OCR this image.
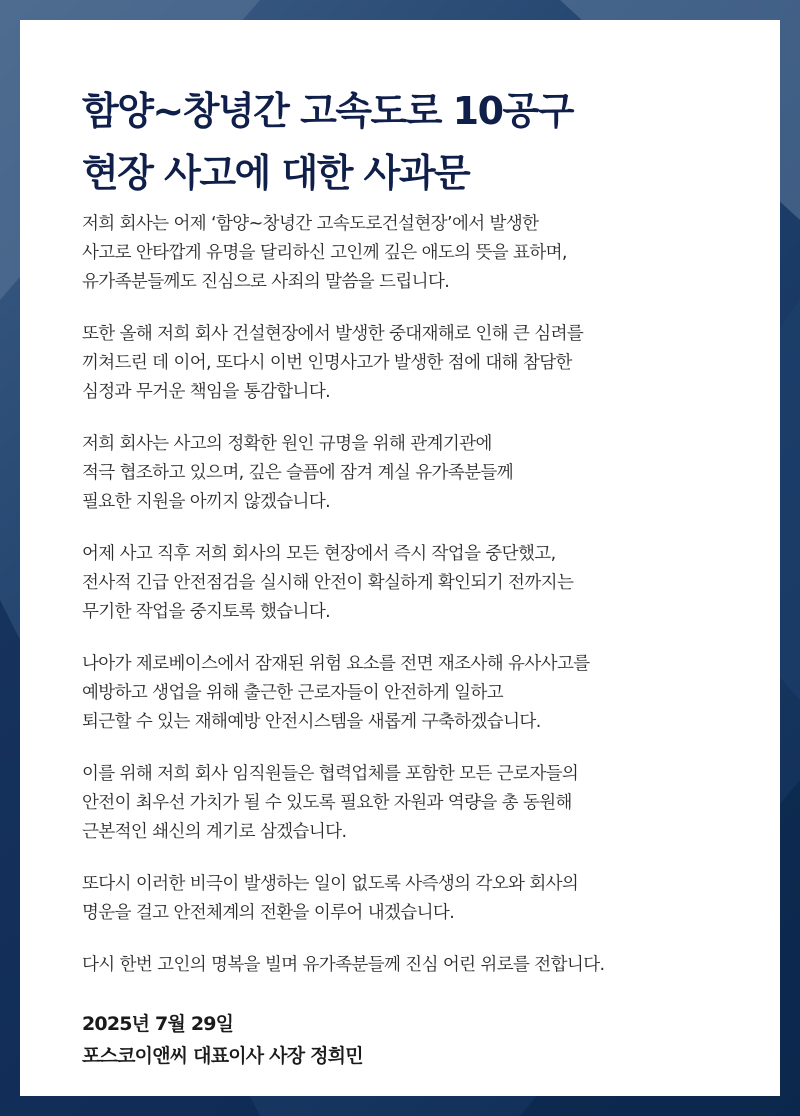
함양~창녕간 고속도로 10공구
현장 사고에 대한 사과문

저희 회사는 어제 ‘함양~창녕간 고속도로건설현장’에서 발생한
사고로 안타깝게 유명을 달리하신 고인께 깊은 애도의 뜻을 표하며,
유가족분들께도 진심으로 사죄의 말씀을 드립니다.

또한 올해 저희 회사 건설현장에서 발생한 중대재해로 인해 큰 심려를
끼쳐드린 데 이어, 또다시 이번 인명사고가 발생한 점에 대해 참담한
심정과 무거운 책임을 통감합니다.

저희 회사는 사고의 정확한 원인 규명을 위해 관계기관에
적극 협조하고 있으며, 깊은 슬픔에 잠겨 계실 유가족분들께
필요한 지원을 아끼지 않겠습니다.

어제 사고 직후 저희 회사의 모든 현장에서 즉시 작업을 중단했고,
전사적 긴급 안전점검을 실시해 안전이 확실하게 확인되기 전까지는
무기한 작업을 중지토록 했습니다.

나아가 제로베이스에서 잠재된 위험 요소를 전면 재조사해 유사사고를
예방하고 생업을 위해 출근한 근로자들이 안전하게 일하고
퇴근할 수 있는 재해예방 안전시스템을 새롭게 구축하겠습니다.

이를 위해 저희 회사 임직원들은 협력업체를 포함한 모든 근로자들의
안전이 최우선 가치가 될 수 있도록 필요한 자원과 역량을 총 동원해
근본적인 쇄신의 계기로 삼겠습니다.

또다시 이러한 비극이 발생하는 일이 없도록 사즉생의 각오와 회사의
명운을 걸고 안전체계의 전환을 이루어 내겠습니다.

다시 한번 고인의 명복을 빌며 유가족분들께 진심 어린 위로를 전합니다.

2025년 7월 29일

포스코이앤씨 대표이사 사장 정희민
